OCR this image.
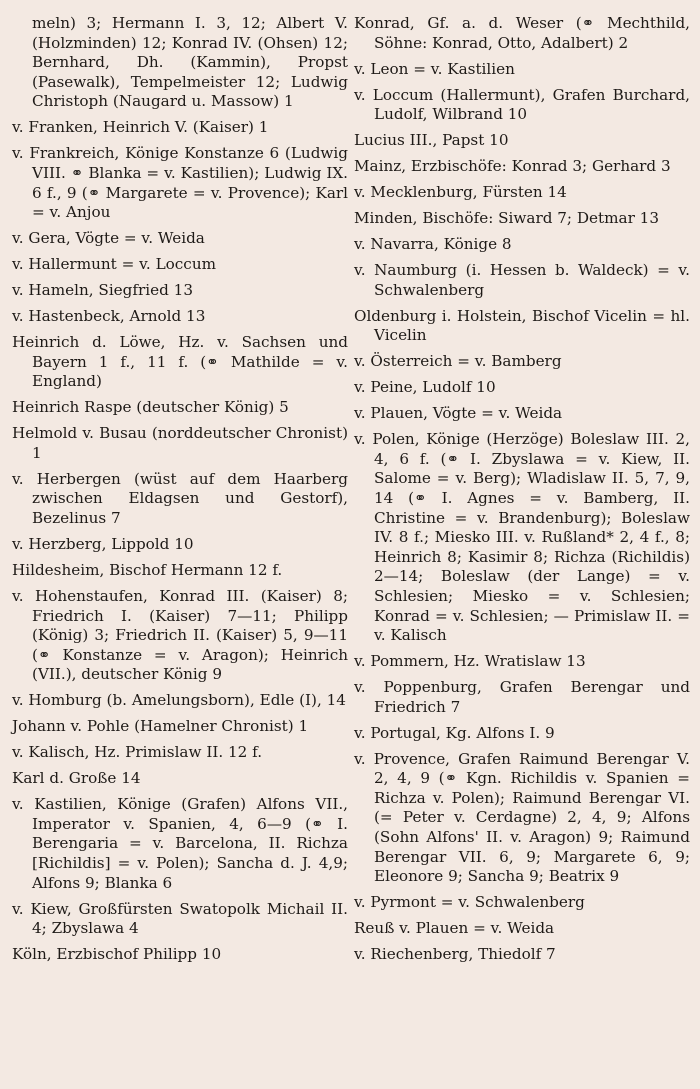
meln) 3; Hermann I. 3, 12; Albert V. (Holzminden) 12; Konrad IV. (Ohsen) 12; Bernhard, Dh. (Kammin), Propst (Pasewalk), Tempelmeister 12; Ludwig Christoph (Naugard u. Massow) 1

v. Franken, Heinrich V. (Kaiser) 1

v. Frankreich, Könige Konstanze 6 (Ludwig VIII. ⚭ Blanka = v. Kastilien); Ludwig IX. 6 f., 9 (⚭ Margarete = v. Provence); Karl = v. Anjou

v. Gera, Vögte = v. Weida

v. Hallermunt = v. Loccum

v. Hameln, Siegfried 13

v. Hastenbeck, Arnold 13

Heinrich d. Löwe, Hz. v. Sachsen und Bayern 1 f., 11 f. (⚭ Mathilde = v. England)

Heinrich Raspe (deutscher König) 5

Helmold v. Busau (norddeutscher Chronist) 1

v. Herbergen (wüst auf dem Haarberg zwischen Eldagsen und Gestorf), Bezelinus 7

v. Herzberg, Lippold 10

Hildesheim, Bischof Hermann 12 f.

v. Hohenstaufen, Konrad III. (Kaiser) 8; Friedrich I. (Kaiser) 7—11; Philipp (König) 3; Friedrich II. (Kaiser) 5, 9—11 (⚭ Konstanze = v. Aragon); Heinrich (VII.), deutscher König 9

v. Homburg (b. Amelungsborn), Edle (I), 14

Johann v. Pohle (Hamelner Chronist) 1

v. Kalisch, Hz. Primislaw II. 12 f.

Karl d. Große 14

v. Kastilien, Könige (Grafen) Alfons VII., Imperator v. Spanien, 4, 6—9 (⚭ I. Berengaria = v. Barcelona, II. Richza [Richildis] = v. Polen); Sancha d. J. 4,9; Alfons 9; Blanka 6

v. Kiew, Großfürsten Swatopolk Michail II. 4; Zbyslawa 4

Köln, Erzbischof Philipp 10

Konrad, Gf. a. d. Weser (⚭ Mechthild, Söhne: Konrad, Otto, Adalbert) 2

v. Leon = v. Kastilien

v. Loccum (Hallermunt), Grafen Burchard, Ludolf, Wilbrand 10

Lucius III., Papst 10

Mainz, Erzbischöfe: Konrad 3; Gerhard 3

v. Mecklenburg, Fürsten 14

Minden, Bischöfe: Siward 7; Detmar 13

v. Navarra, Könige 8

v. Naumburg (i. Hessen b. Waldeck) = v. Schwalenberg

Oldenburg i. Holstein, Bischof Vicelin = hl. Vicelin

v. Österreich = v. Bamberg

v. Peine, Ludolf 10

v. Plauen, Vögte = v. Weida

v. Polen, Könige (Herzöge) Boleslaw III. 2, 4, 6 f. (⚭ I. Zbyslawa = v. Kiew, II. Salome = v. Berg); Wladislaw II. 5, 7, 9, 14 (⚭ I. Agnes = v. Bamberg, II. Christine = v. Brandenburg); Boleslaw IV. 8 f.; Miesko III. v. Rußland* 2, 4 f., 8; Heinrich 8; Kasimir 8; Richza (Richildis) 2—14; Boleslaw (der Lange) = v. Schlesien; Miesko = v. Schlesien; Konrad = v. Schlesien; — Primislaw II. = v. Kalisch

v. Pommern, Hz. Wratislaw 13

v. Poppenburg, Grafen Berengar und Friedrich 7

v. Portugal, Kg. Alfons I. 9

v. Provence, Grafen Raimund Berengar V. 2, 4, 9 (⚭ Kgn. Richildis v. Spanien = Richza v. Polen); Raimund Berengar VI. (= Peter v. Cerdagne) 2, 4, 9; Alfons (Sohn Alfons' II. v. Aragon) 9; Raimund Berengar VII. 6, 9; Margarete 6, 9; Eleonore 9; Sancha 9; Beatrix 9

v. Pyrmont = v. Schwalenberg

Reuß v. Plauen = v. Weida

v. Riechenberg, Thiedolf 7
